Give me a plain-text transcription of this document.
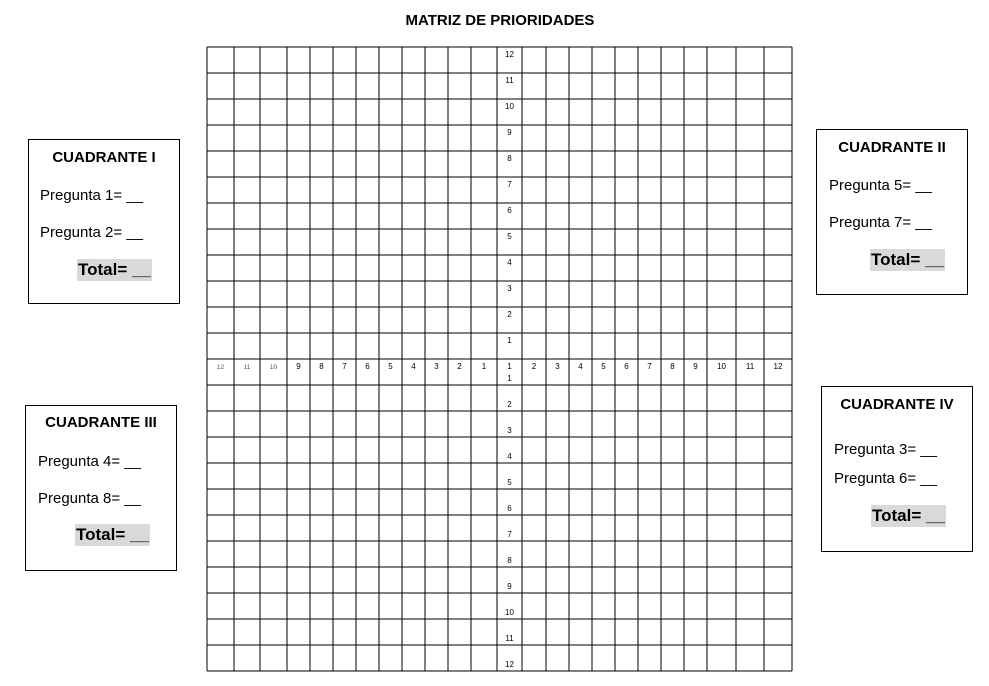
MATRIZ DE PRIORIDADES
12
11
10
9
8
7
6
5
4
3
2
1
1
2
3
4
5
6
7
8
9
10
11
12
12	11	10 9 8 7 6 5 4 3 2	1	1	2 3 4 5 6 7 8 9 10 11 12
CUADRANTE I
Pregunta 1= __
Pregunta 2= __
Total= __
CUADRANTE II
Pregunta 5= __
Pregunta 7= __
Total= __
CUADRANTE III
Pregunta 4= __
Pregunta 8= __
Total= __
CUADRANTE IV
Pregunta 3= __
Pregunta 6= __
Total= __
